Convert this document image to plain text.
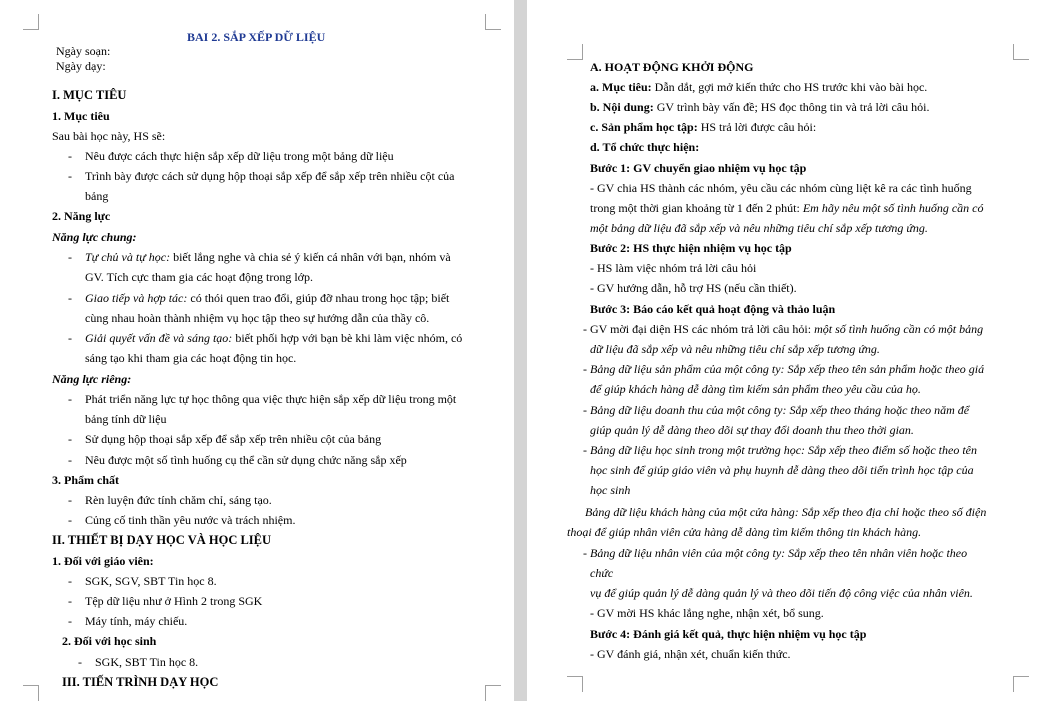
BAI 2. SẮP XẾP DỮ LIỆU
Ngày soạn:
Ngày dạy:
I. MỤC TIÊU
1. Mục tiêu
Sau bài học này, HS sẽ:
- Nêu được cách thực hiện sắp xếp dữ liệu trong một bảng dữ liệu
- Trình bày được cách sử dụng hộp thoại sắp xếp để sắp xếp trên nhiều cột của
bảng
2. Năng lực
Năng lực chung:
- Tự chủ và tự học: biết lắng nghe và chia sẻ ý kiến cá nhân với bạn, nhóm và
GV. Tích cực tham gia các hoạt động trong lớp.
- Giao tiếp và hợp tác: có thói quen trao đổi, giúp đỡ nhau trong học tập; biết
cùng nhau hoàn thành nhiệm vụ học tập theo sự hướng dẫn của thầy cô.
- Giải quyết vấn đề và sáng tạo: biết phối hợp với bạn bè khi làm việc nhóm, có
sáng tạo khi tham gia các hoạt động tin học.
Năng lực riêng:
- Phát triển năng lực tự học thông qua việc thực hiện sắp xếp dữ liệu trong một
bảng tính dữ liệu
- Sử dụng hộp thoại sắp xếp để sắp xếp trên nhiều cột của bảng
- Nêu được một số tình huống cụ thể cần sử dụng chức năng sắp xếp
3. Phẩm chất
- Rèn luyện đức tính chăm chỉ, sáng tạo.
- Củng cố tinh thần yêu nước và trách nhiệm.
II. THIẾT BỊ DẠY HỌC VÀ HỌC LIỆU
1. Đối với giáo viên:
- SGK, SGV, SBT Tin học 8.
- Tệp dữ liệu như ở Hình 2 trong SGK
- Máy tính, máy chiếu.
2. Đối với học sinh
- SGK, SBT Tin học 8.
III. TIẾN TRÌNH DẠY HỌC
A. HOẠT ĐỘNG KHỞI ĐỘNG
a. Mục tiêu: Dẫn dắt, gợi mở kiến thức cho HS trước khi vào bài học.
b. Nội dung: GV trình bày vấn đề; HS đọc thông tin và trả lời câu hỏi.
c. Sản phẩm học tập: HS trả lời được câu hỏi:
d. Tổ chức thực hiện:
Bước 1: GV chuyển giao nhiệm vụ học tập
- GV chia HS thành các nhóm, yêu cầu các nhóm cùng liệt kê ra các tình huống
trong một thời gian khoảng từ 1 đến 2 phút: Em hãy nêu một số tình huống cần có
một bảng dữ liệu đã sắp xếp và nêu những tiêu chí sắp xếp tương ứng.
Bước 2: HS thực hiện nhiệm vụ học tập
- HS làm việc nhóm trả lời câu hỏi
- GV hướng dẫn, hỗ trợ HS (nếu cần thiết).
Bước 3: Báo cáo kết quả hoạt động và thảo luận
- GV mời đại diện HS các nhóm trả lời câu hỏi: một số tình huống cần có một bảng
dữ liệu đã sắp xếp và nêu những tiêu chí sắp xếp tương ứng.
- Bảng dữ liệu sản phẩm của một công ty: Sắp xếp theo tên sản phẩm hoặc theo giá
để giúp khách hàng dễ dàng tìm kiếm sản phẩm theo yêu cầu của họ.
- Bảng dữ liệu doanh thu của một công ty: Sắp xếp theo tháng hoặc theo năm để
giúp quản lý dễ dàng theo dõi sự thay đổi doanh thu theo thời gian.
- Bảng dữ liệu học sinh trong một trường học: Sắp xếp theo điểm số hoặc theo tên
học sinh để giúp giáo viên và phụ huynh dễ dàng theo dõi tiến trình học tập của
học sinh
Bảng dữ liệu khách hàng của một cửa hàng: Sắp xếp theo địa chỉ hoặc theo số điện
thoại để giúp nhân viên cửa hàng dễ dàng tìm kiếm thông tin khách hàng.
- Bảng dữ liệu nhân viên của một công ty: Sắp xếp theo tên nhân viên hoặc theo
chức
vụ để giúp quản lý dễ dàng quản lý và theo dõi tiến độ công việc của nhân viên.
- GV mời HS khác lắng nghe, nhận xét, bổ sung.
Bước 4: Đánh giá kết quả, thực hiện nhiệm vụ học tập
- GV đánh giá, nhận xét, chuẩn kiến thức.
